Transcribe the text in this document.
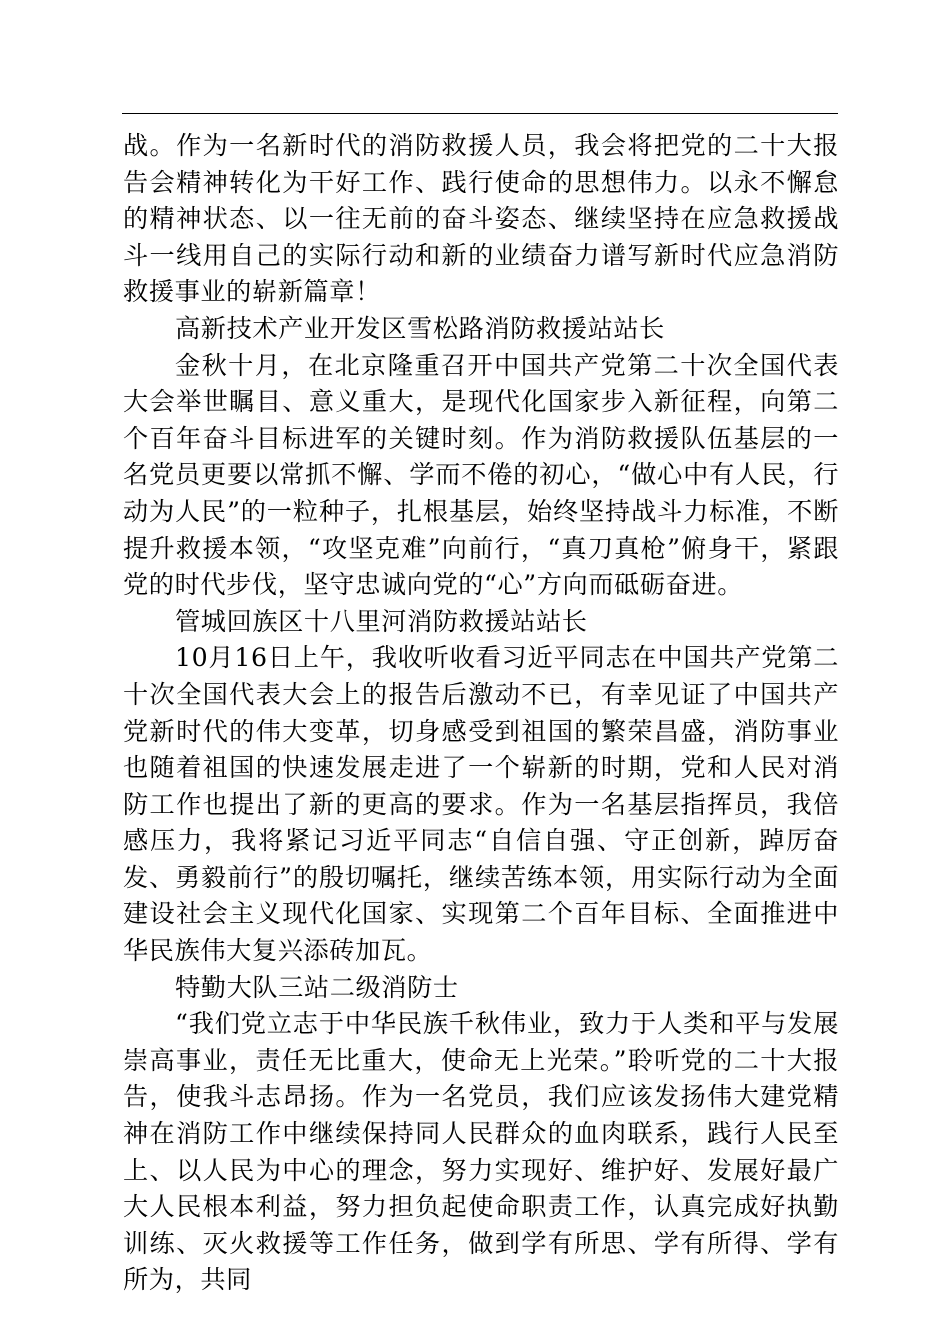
战。作为一名新时代的消防救援人员，我会将把党的二十大报告会精神转化为干好工作、践行使命的思想伟力。以永不懈怠的精神状态、以一往无前的奋斗姿态、继续坚持在应急救援战斗一线用自己的实际行动和新的业绩奋力谱写新时代应急消防救援事业的崭新篇章！

高新技术产业开发区雪松路消防救援站站长

金秋十月，在北京隆重召开中国共产党第二十次全国代表大会举世瞩目、意义重大，是现代化国家步入新征程，向第二个百年奋斗目标进军的关键时刻。作为消防救援队伍基层的一名党员更要以常抓不懈、学而不倦的初心，“做心中有人民，行动为人民”的一粒种子，扎根基层，始终坚持战斗力标准，不断提升救援本领，“攻坚克难”向前行，“真刀真枪”俯身干，紧跟党的时代步伐，坚守忠诚向党的“心”方向而砥砺奋进。

管城回族区十八里河消防救援站站长

10月16日上午，我收听收看习近平同志在中国共产党第二十次全国代表大会上的报告后激动不已，有幸见证了中国共产党新时代的伟大变革，切身感受到祖国的繁荣昌盛，消防事业也随着祖国的快速发展走进了一个崭新的时期，党和人民对消防工作也提出了新的更高的要求。作为一名基层指挥员，我倍感压力，我将紧记习近平同志“自信自强、守正创新，踔厉奋发、勇毅前行”的殷切嘱托，继续苦练本领，用实际行动为全面建设社会主义现代化国家、实现第二个百年目标、全面推进中华民族伟大复兴添砖加瓦。

特勤大队三站二级消防士

“我们党立志于中华民族千秋伟业，致力于人类和平与发展崇高事业，责任无比重大，使命无上光荣。”聆听党的二十大报告，使我斗志昂扬。作为一名党员，我们应该发扬伟大建党精神在消防工作中继续保持同人民群众的血肉联系，践行人民至上、以人民为中心的理念，努力实现好、维护好、发展好最广大人民根本利益，努力担负起使命职责工作，认真完成好执勤训练、灭火救援等工作任务，做到学有所思、学有所得、学有所为，共同
